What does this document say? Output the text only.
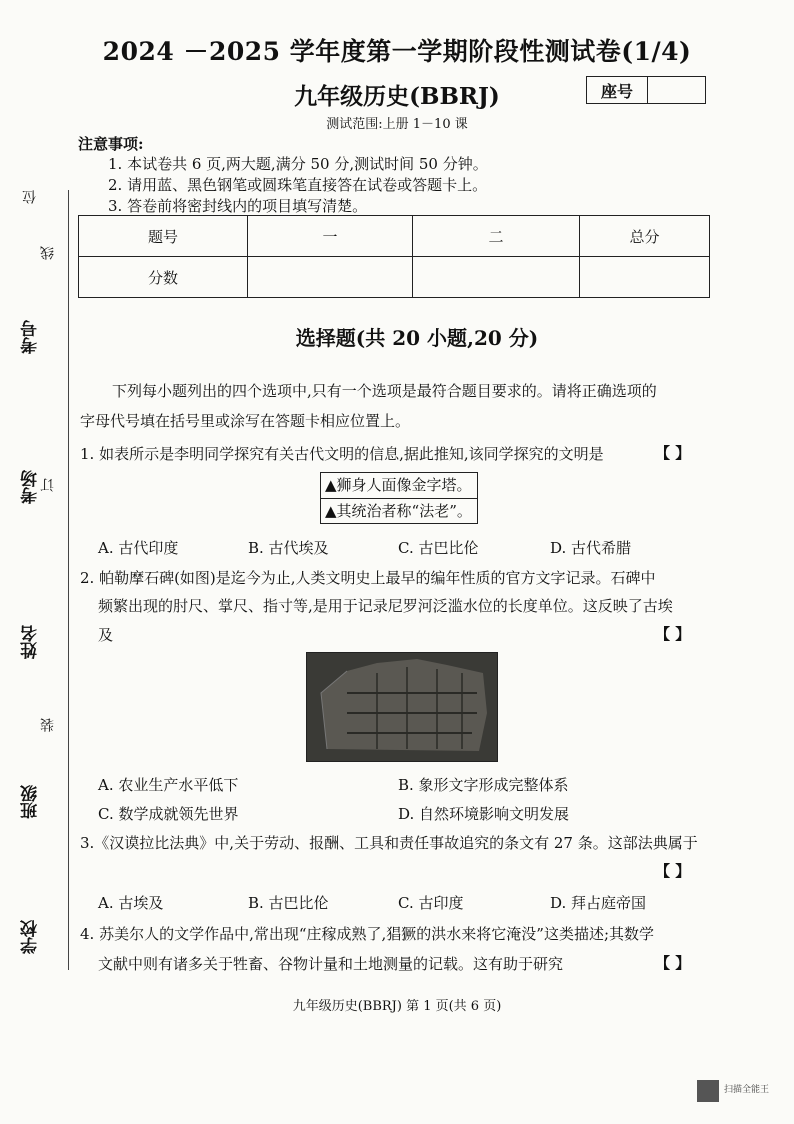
位
考号
考场
姓名
班级
学校
线
订
装
2024 －2025 学年度第一学期阶段性测试卷(1/4)
九年级历史(BBRJ)	座号
测试范围:上册 1－10 课
注意事项:
1. 本试卷共 6 页,两大题,满分 50 分,测试时间 50 分钟。
2. 请用蓝、黑色钢笔或圆珠笔直接答在试卷或答题卡上。
3. 答卷前将密封线内的项目填写清楚。
题号	一	二	总分
分数			
选择题(共 20 小题,20 分)
下列每小题列出的四个选项中,只有一个选项是最符合题目要求的。请将正确选项的
字母代号填在括号里或涂写在答题卡相应位置上。
1. 如表所示是李明同学探究有关古代文明的信息,据此推知,该同学探究的文明是	【 】
▲狮身人面像金字塔。
▲其统治者称“法老”。
A. 古代印度	B. 古代埃及	C. 古巴比伦	D. 古代希腊
2. 帕勒摩石碑(如图)是迄今为止,人类文明史上最早的编年性质的官方文字记录。石碑中
频繁出现的肘尺、掌尺、指寸等,是用于记录尼罗河泛滥水位的长度单位。这反映了古埃
及	【 】
A. 农业生产水平低下	B. 象形文字形成完整体系
C. 数学成就领先世界	D. 自然环境影响文明发展
3.《汉谟拉比法典》中,关于劳动、报酬、工具和责任事故追究的条文有 27 条。这部法典属于
【 】
A. 古埃及	B. 古巴比伦	C. 古印度	D. 拜占庭帝国
4. 苏美尔人的文学作品中,常出现“庄稼成熟了,猖獗的洪水来将它淹没”这类描述;其数学
文献中则有诸多关于牲畜、谷物计量和土地测量的记载。这有助于研究	【 】
九年级历史(BBRJ) 第 1 页(共 6 页)
扫描全能王
